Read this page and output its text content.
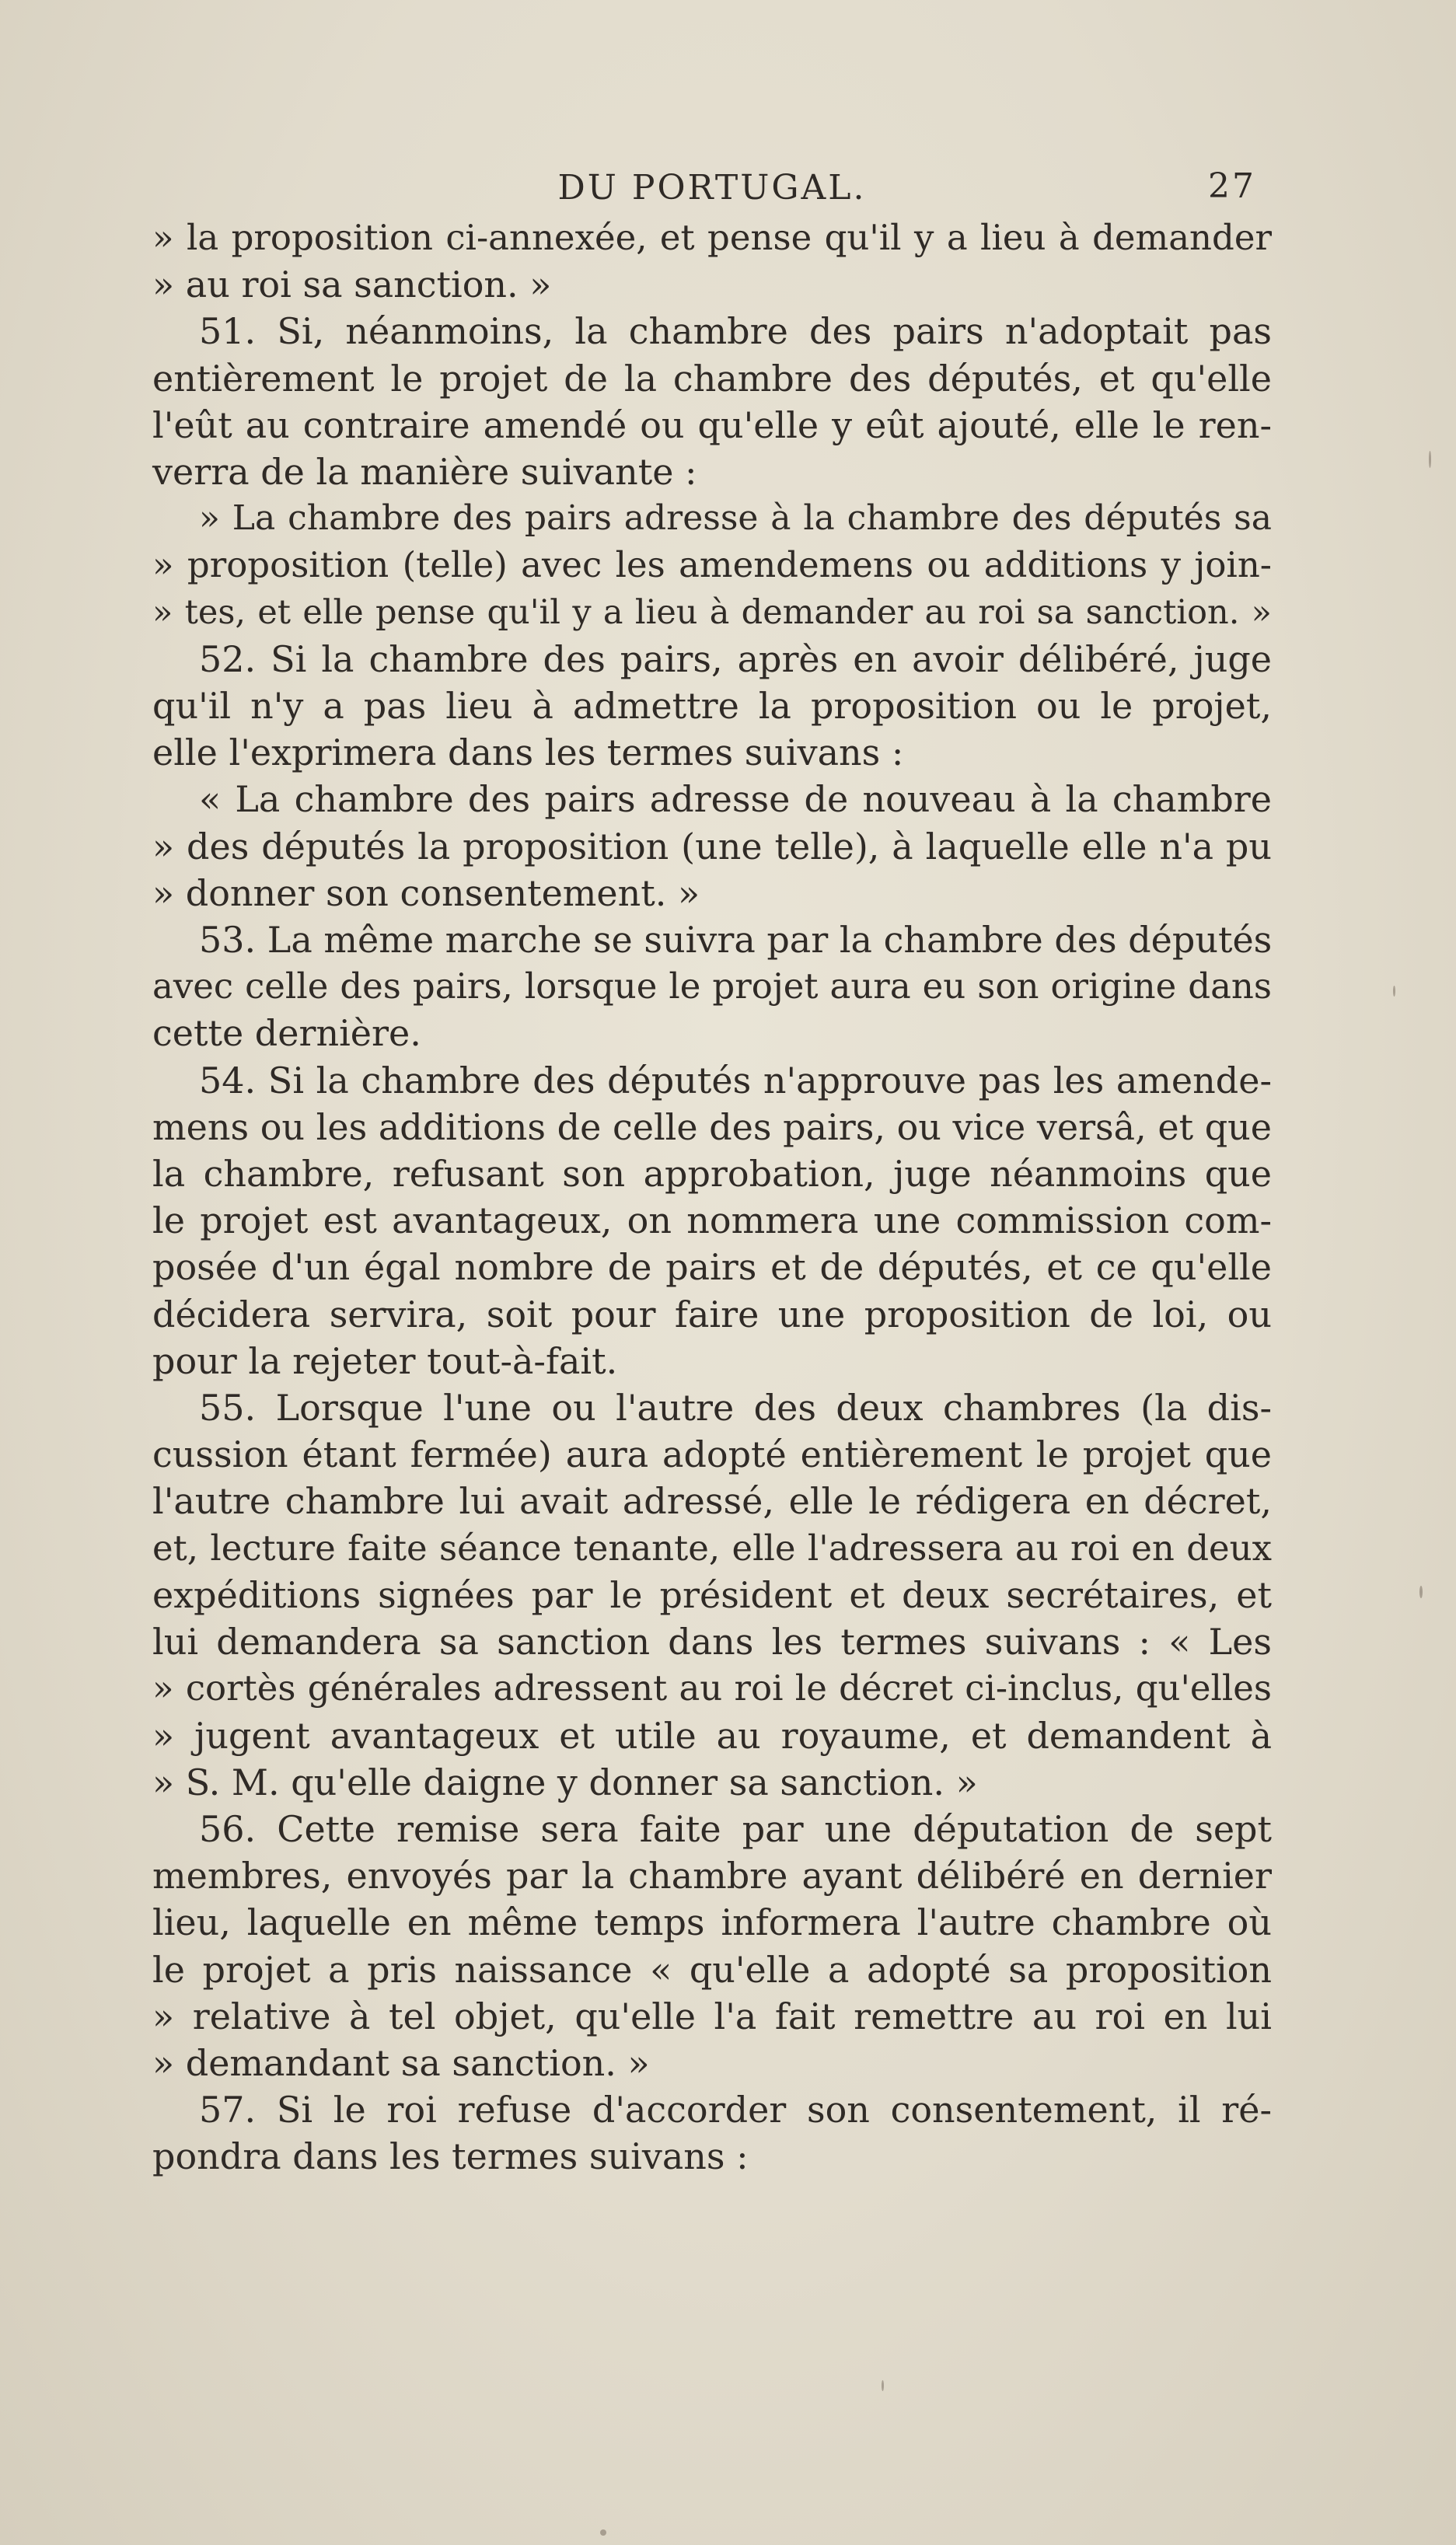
DU PORTUGAL.	27
» la proposition ci-annexée, et pense qu'il y a lieu à demander
» au roi sa sanction. »
51. Si, néanmoins, la chambre des pairs n'adoptait pas
entièrement le projet de la chambre des députés, et qu'elle
l'eût au contraire amendé ou qu'elle y eût ajouté, elle le ren-
verra de la manière suivante :
» La chambre des pairs adresse à la chambre des députés sa
» proposition (telle) avec les amendemens ou additions y join-
» tes, et elle pense qu'il y a lieu à demander au roi sa sanction. »
52. Si la chambre des pairs, après en avoir délibéré, juge
qu'il n'y a pas lieu à admettre la proposition ou le projet,
elle l'exprimera dans les termes suivans :
« La chambre des pairs adresse de nouveau à la chambre
» des députés la proposition (une telle), à laquelle elle n'a pu
» donner son consentement. »
53. La même marche se suivra par la chambre des députés
avec celle des pairs, lorsque le projet aura eu son origine dans
cette dernière.
54. Si la chambre des députés n'approuve pas les amende-
mens ou les additions de celle des pairs, ou vice versâ, et que
la chambre, refusant son approbation, juge néanmoins que
le projet est avantageux, on nommera une commission com-
posée d'un égal nombre de pairs et de députés, et ce qu'elle
décidera servira, soit pour faire une proposition de loi, ou
pour la rejeter tout-à-fait.
55. Lorsque l'une ou l'autre des deux chambres (la dis-
cussion étant fermée) aura adopté entièrement le projet que
l'autre chambre lui avait adressé, elle le rédigera en décret,
et, lecture faite séance tenante, elle l'adressera au roi en deux
expéditions signées par le président et deux secrétaires, et
lui demandera sa sanction dans les termes suivans : « Les
» cortès générales adressent au roi le décret ci-inclus, qu'elles
» jugent avantageux et utile au royaume, et demandent à
» S. M. qu'elle daigne y donner sa sanction. »
56. Cette remise sera faite par une députation de sept
membres, envoyés par la chambre ayant délibéré en dernier
lieu, laquelle en même temps informera l'autre chambre où
le projet a pris naissance « qu'elle a adopté sa proposition
» relative à tel objet, qu'elle l'a fait remettre au roi en lui
» demandant sa sanction. »
57. Si le roi refuse d'accorder son consentement, il ré-
pondra dans les termes suivans :
